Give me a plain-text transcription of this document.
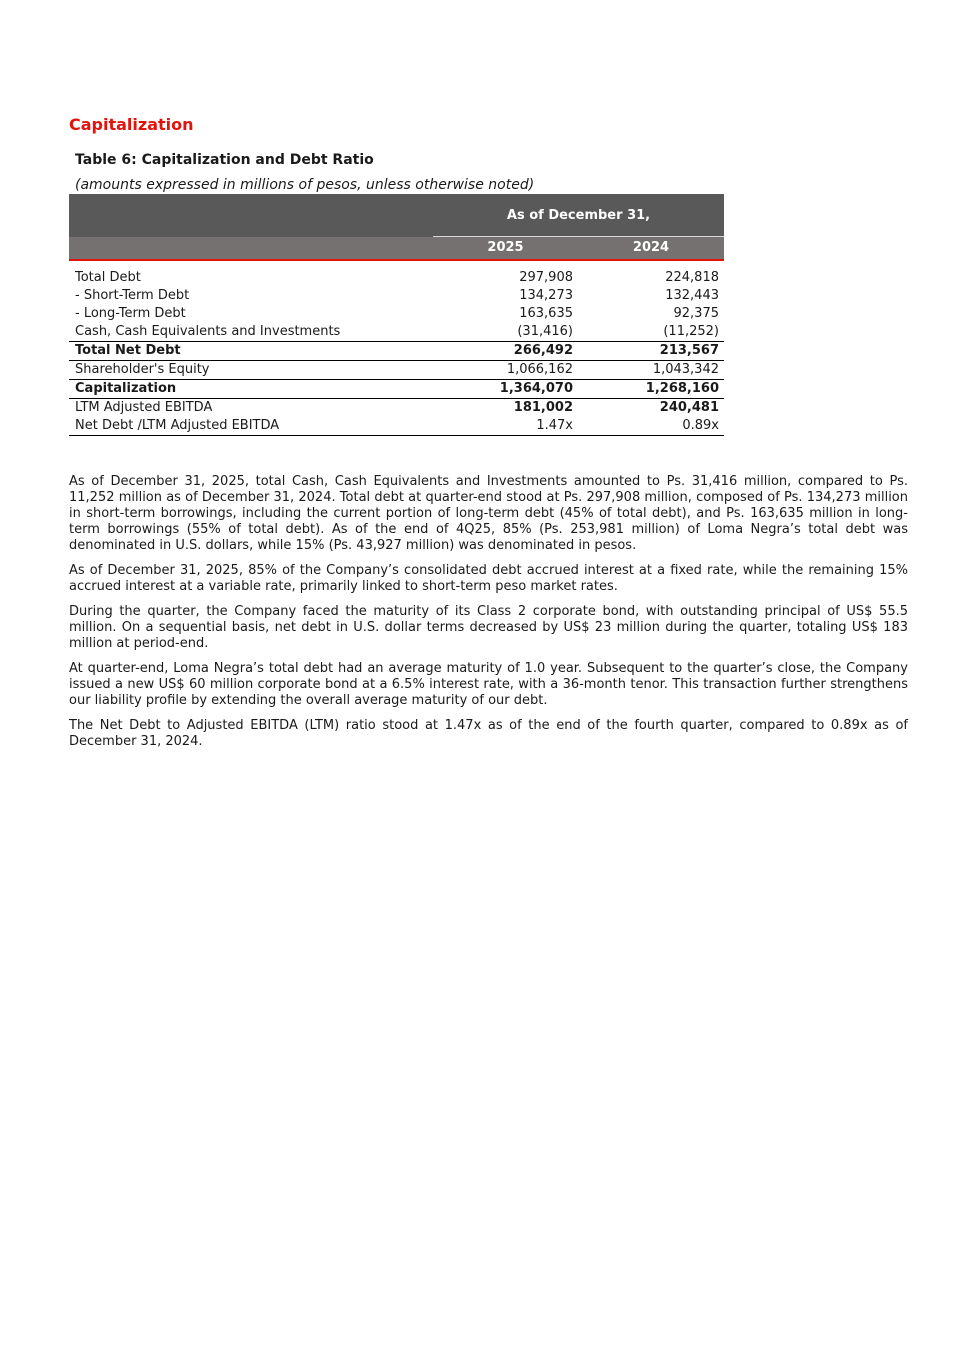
Capitalization
Table 6: Capitalization and Debt Ratio
(amounts expressed in millions of pesos, unless otherwise noted)
As of December 31,
2025	2024
Total Debt	297,908	224,818
- Short-Term Debt	134,273	132,443
- Long-Term Debt	163,635	92,375
Cash, Cash Equivalents and Investments	(31,416)	(11,252)
Total Net Debt	266,492	213,567
Shareholder's Equity	1,066,162	1,043,342
Capitalization	1,364,070	1,268,160
LTM Adjusted EBITDA	181,002	240,481
Net Debt /LTM Adjusted EBITDA	1.47x	0.89x

As of December 31, 2025, total Cash, Cash Equivalents and Investments amounted to Ps. 31,416 million, compared to Ps. 11,252 million as of December 31, 2024. Total debt at quarter-end stood at Ps. 297,908 million, composed of Ps. 134,273 million in short-term borrowings, including the current portion of long-term debt (45% of total debt), and Ps. 163,635 million in long-term borrowings (55% of total debt). As of the end of 4Q25, 85% (Ps. 253,981 million) of Loma Negra’s total debt was denominated in U.S. dollars, while 15% (Ps. 43,927 million) was denominated in pesos.

As of December 31, 2025, 85% of the Company’s consolidated debt accrued interest at a fixed rate, while the remaining 15% accrued interest at a variable rate, primarily linked to short-term peso market rates.

During the quarter, the Company faced the maturity of its Class 2 corporate bond, with outstanding principal of US$ 55.5 million. On a sequential basis, net debt in U.S. dollar terms decreased by US$ 23 million during the quarter, totaling US$ 183 million at period-end.

At quarter-end, Loma Negra’s total debt had an average maturity of 1.0 year. Subsequent to the quarter’s close, the Company issued a new US$ 60 million corporate bond at a 6.5% interest rate, with a 36-month tenor. This transaction further strengthens our liability profile by extending the overall average maturity of our debt.

The Net Debt to Adjusted EBITDA (LTM) ratio stood at 1.47x as of the end of the fourth quarter, compared to 0.89x as of December 31, 2024.
